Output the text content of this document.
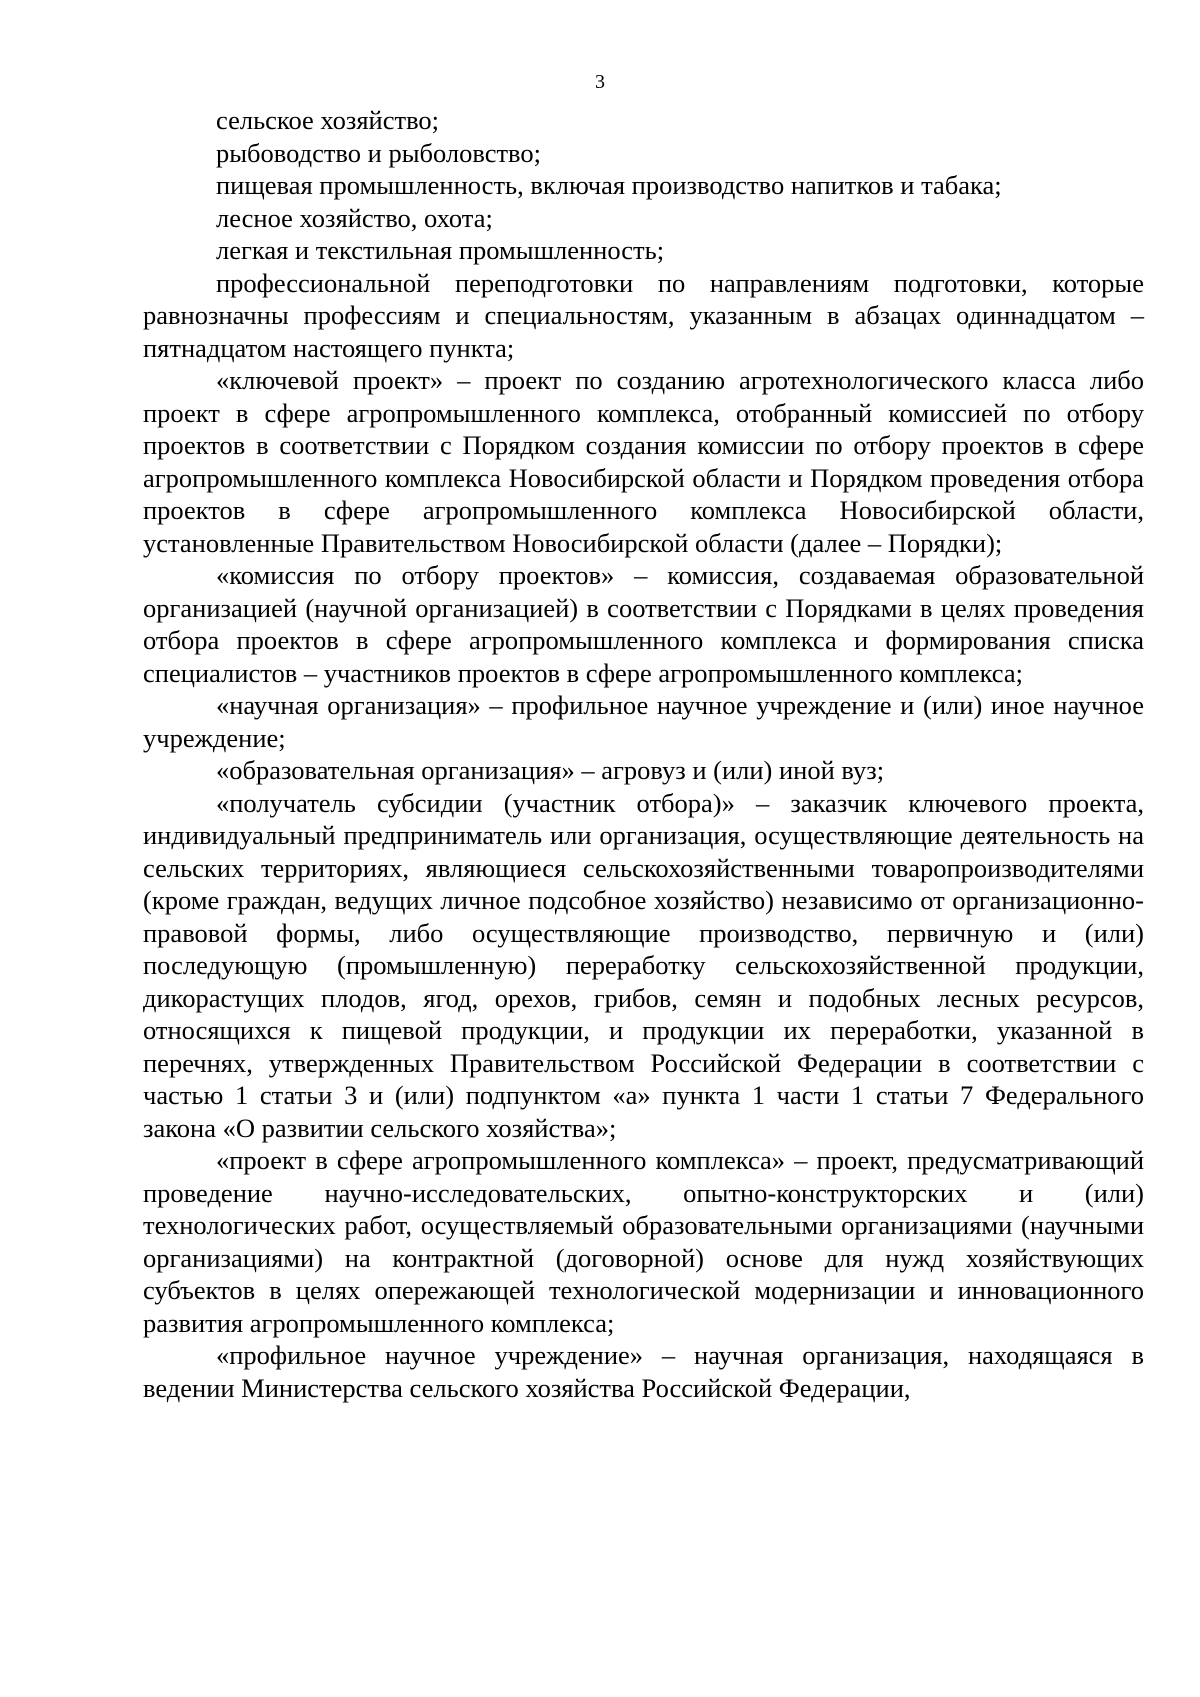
3

сельское хозяйство;

рыбоводство и рыболовство;

пищевая промышленность, включая производство напитков и табака;

лесное хозяйство, охота;

легкая и текстильная промышленность;

профессиональной переподготовки по направлениям подготовки, которые равнозначны профессиям и специальностям, указанным в абзацах одиннадцатом – пятнадцатом настоящего пункта;

«ключевой проект» – проект по созданию агротехнологического класса либо проект в сфере агропромышленного комплекса, отобранный комиссией по отбору проектов в соответствии с Порядком создания комиссии по отбору проектов в сфере агропромышленного комплекса Новосибирской области и Порядком проведения отбора проектов в сфере агропромышленного комплекса Новосибирской области, установленные Правительством Новосибирской области (далее – Порядки);

«комиссия по отбору проектов» – комиссия, создаваемая образовательной организацией (научной организацией) в соответствии с Порядками в целях проведения отбора проектов в сфере агропромышленного комплекса и формирования списка специалистов – участников проектов в сфере агропромышленного комплекса;

«научная организация» – профильное научное учреждение и (или) иное научное учреждение;

«образовательная организация» – агровуз и (или) иной вуз;

«получатель субсидии (участник отбора)» – заказчик ключевого проекта, индивидуальный предприниматель или организация, осуществляющие деятельность на сельских территориях, являющиеся сельскохозяйственными товаропроизводителями (кроме граждан, ведущих личное подсобное хозяйство) независимо от организационно-правовой формы, либо осуществляющие производство, первичную и (или) последующую (промышленную) переработку сельскохозяйственной продукции, дикорастущих плодов, ягод, орехов, грибов, семян и подобных лесных ресурсов, относящихся к пищевой продукции, и продукции их переработки, указанной в перечнях, утвержденных Правительством Российской Федерации в соответствии с частью 1 статьи 3 и (или) подпунктом «а» пункта 1 части 1 статьи 7 Федерального закона «О развитии сельского хозяйства»;

«проект в сфере агропромышленного комплекса» – проект, предусматривающий проведение научно-исследовательских, опытно-конструкторских и (или) технологических работ, осуществляемый образовательными организациями (научными организациями) на контрактной (договорной) основе для нужд хозяйствующих субъектов в целях опережающей технологической модернизации и инновационного развития агропромышленного комплекса;

«профильное научное учреждение» – научная организация, находящаяся в ведении Министерства сельского хозяйства Российской Федерации,
